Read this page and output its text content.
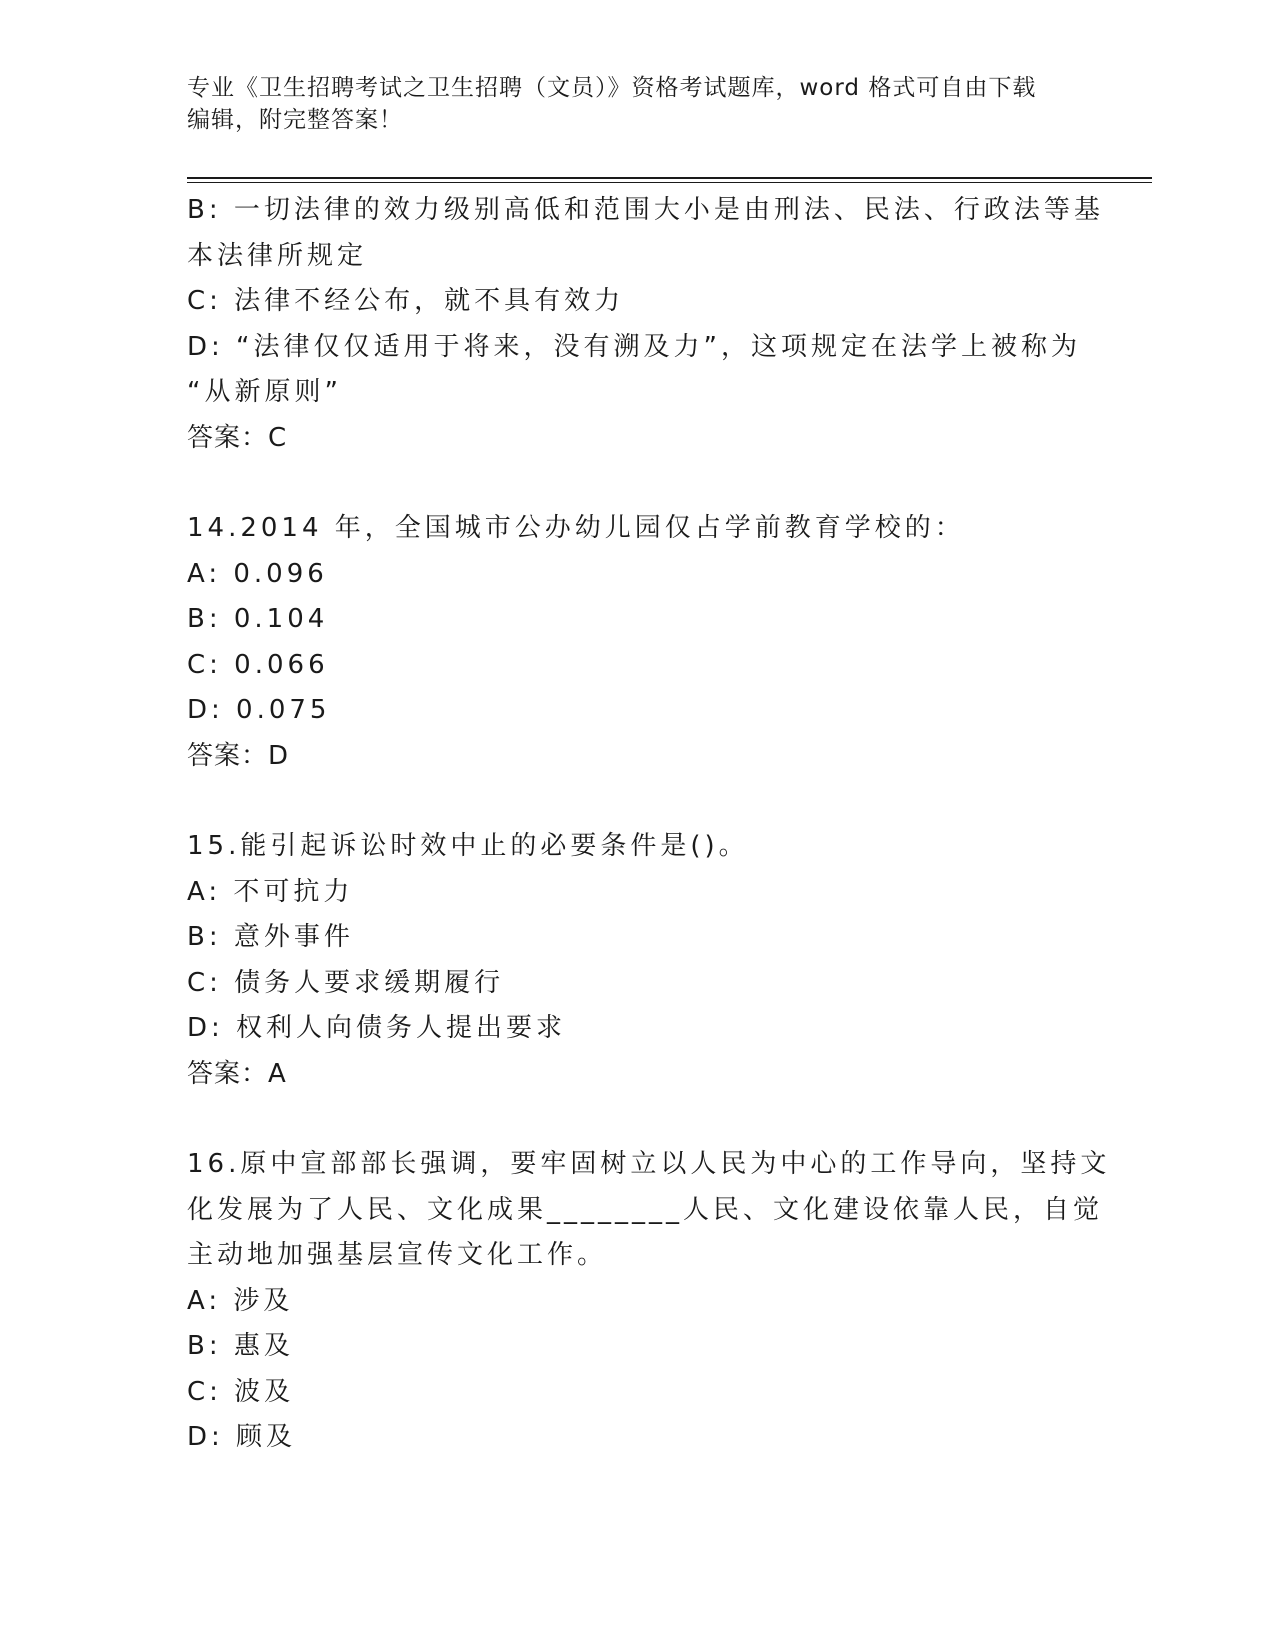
专业《卫生招聘考试之卫生招聘（文员）》资格考试题库，word 格式可自由下载
编辑，附完整答案！
B: 一切法律的效力级别高低和范围大小是由刑法、民法、行政法等基
本法律所规定
C: 法律不经公布，就不具有效力
D: “法律仅仅适用于将来，没有溯及力”，这项规定在法学上被称为
“从新原则”
答案：C
14.2014 年，全国城市公办幼儿园仅占学前教育学校的：
A: 0.096
B: 0.104
C: 0.066
D: 0.075
答案：D
15.能引起诉讼时效中止的必要条件是()。
A: 不可抗力
B: 意外事件
C: 债务人要求缓期履行
D: 权利人向债务人提出要求
答案：A
16.原中宣部部长强调，要牢固树立以人民为中心的工作导向，坚持文
化发展为了人民、文化成果________人民、文化建设依靠人民，自觉
主动地加强基层宣传文化工作。
A: 涉及
B: 惠及
C: 波及
D: 顾及
